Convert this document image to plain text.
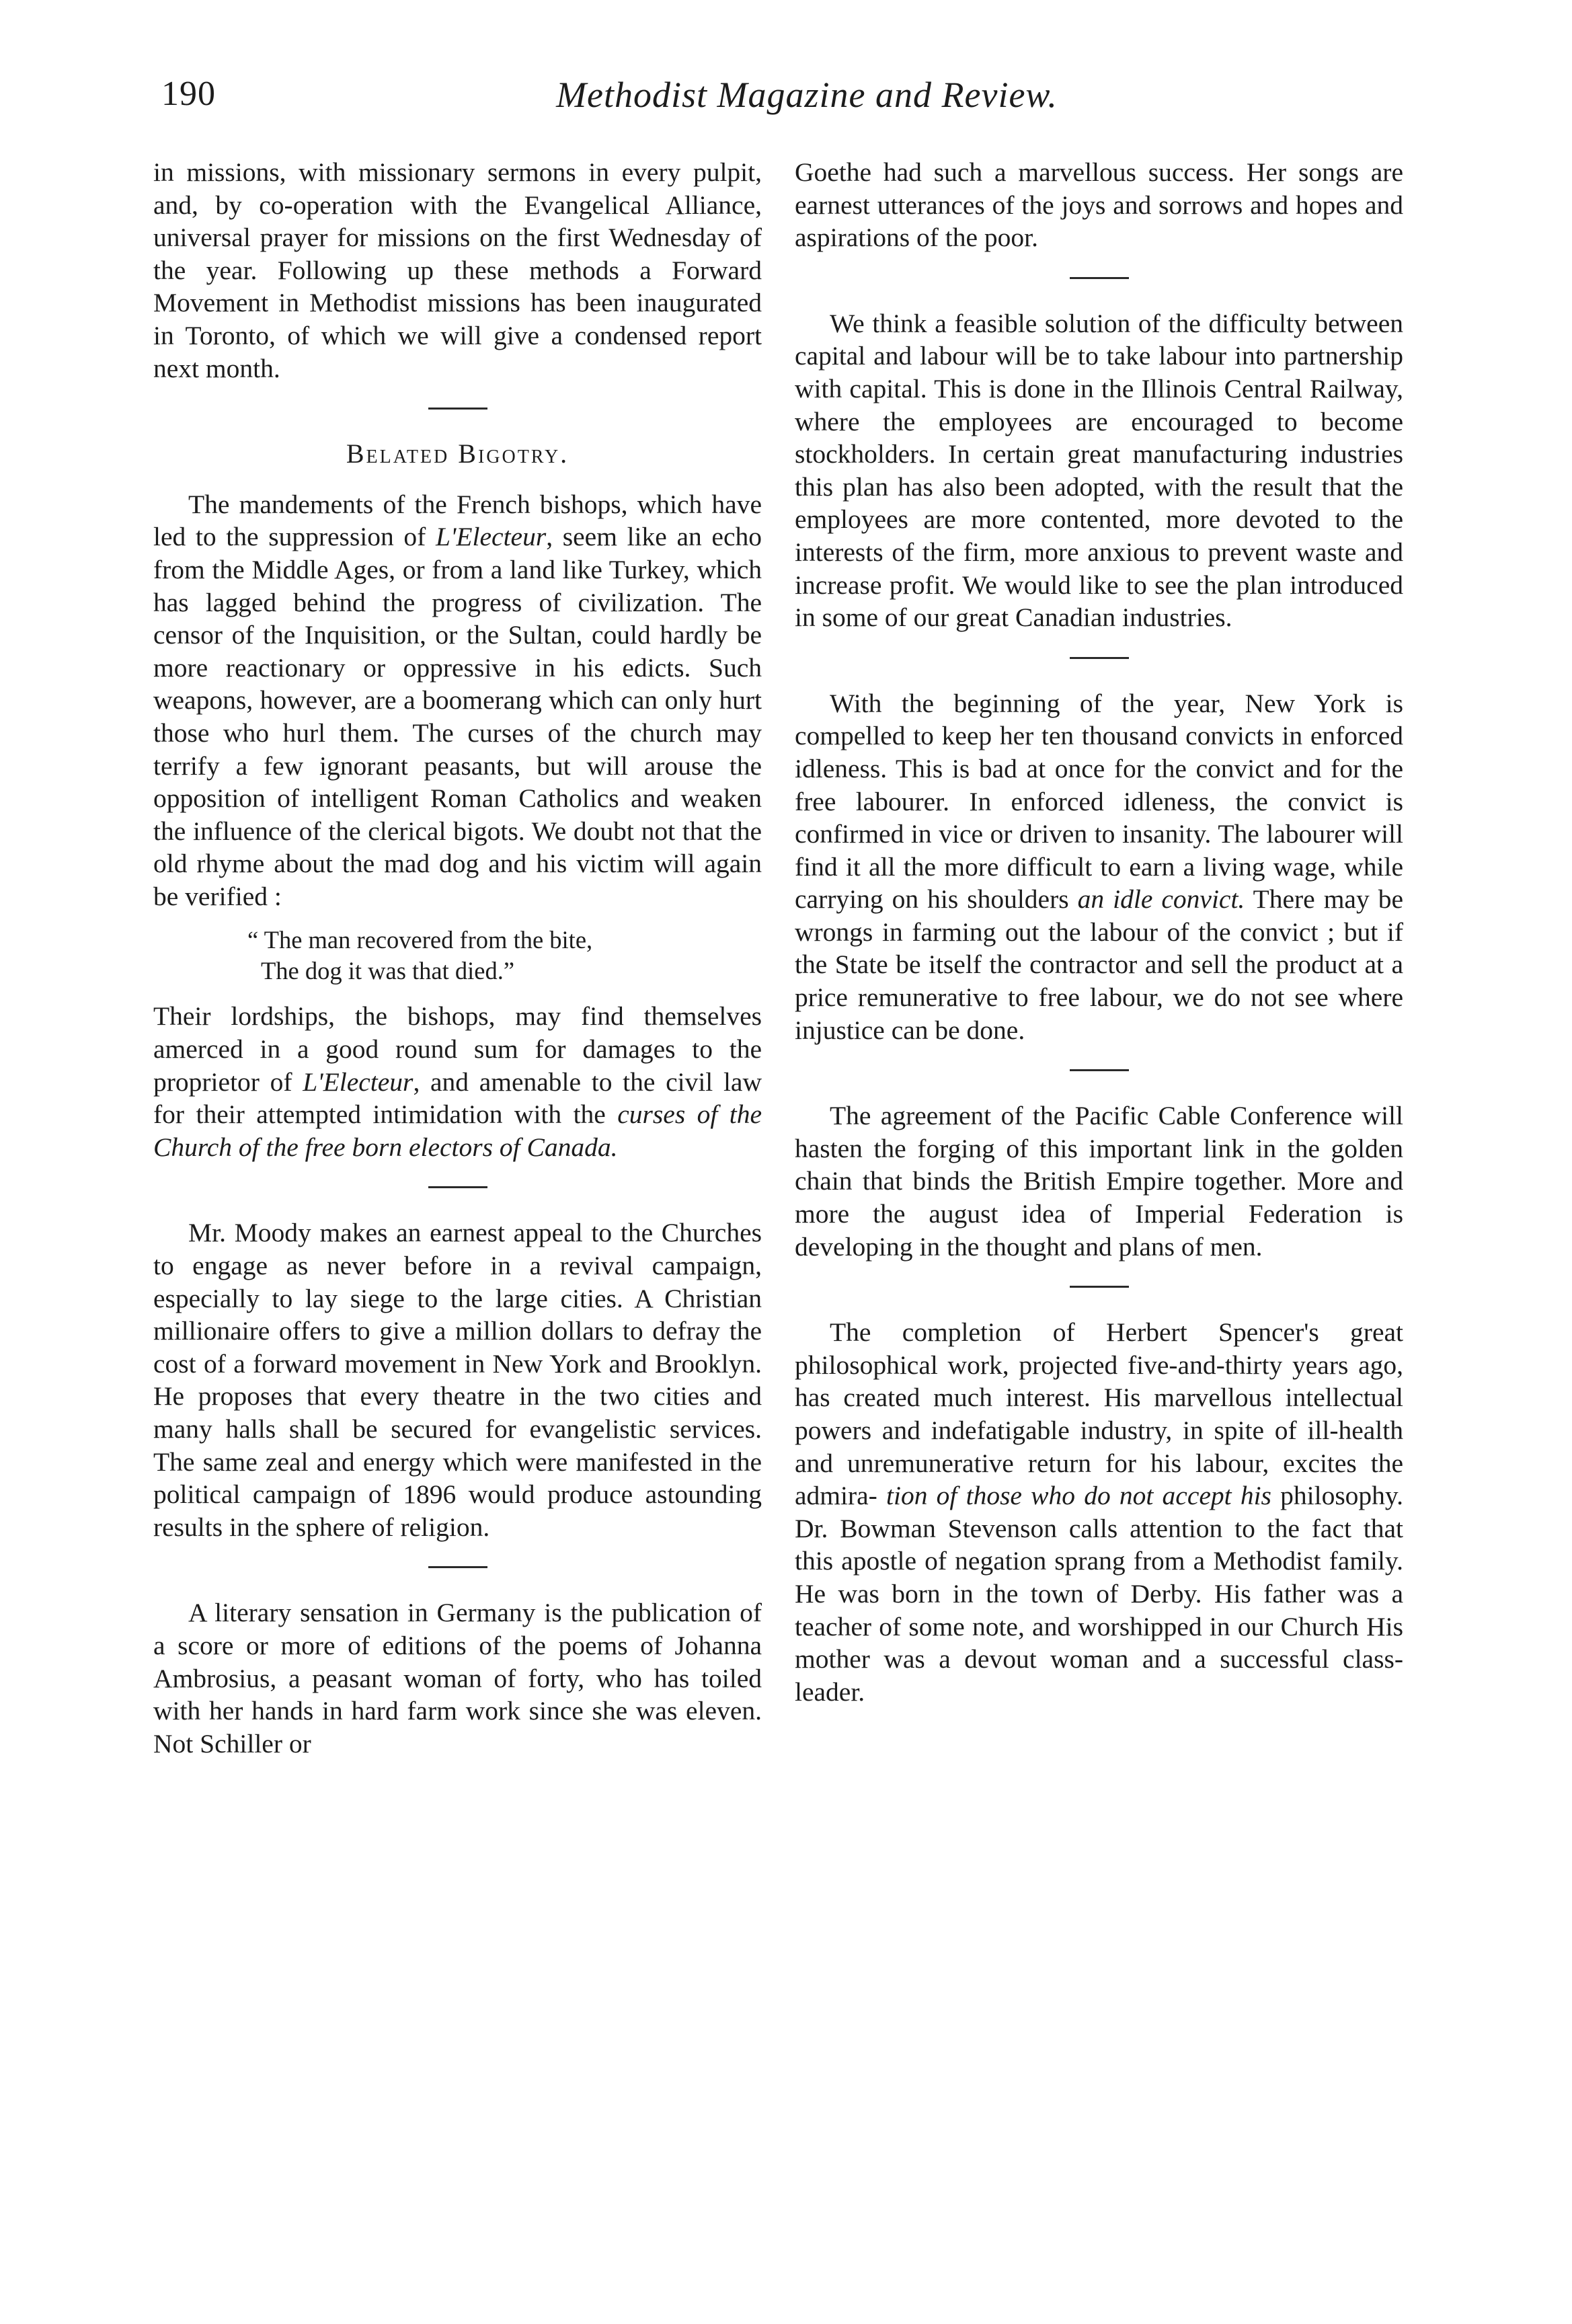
190	Methodist Magazine and Review.

in missions, with missionary sermons in every pulpit, and, by co-operation with the Evangelical Alliance, universal prayer for missions on the first Wednesday of the year. Following up these methods a Forward Movement in Methodist missions has been inaugurated in Toronto, of which we will give a condensed report next month.

Belated Bigotry.

The mandements of the French bishops, which have led to the suppression of L'Electeur, seem like an echo from the Middle Ages, or from a land like Turkey, which has lagged behind the progress of civilization. The censor of the Inquisition, or the Sultan, could hardly be more reactionary or oppressive in his edicts. Such weapons, however, are a boomerang which can only hurt those who hurl them. The curses of the church may terrify a few ignorant peasants, but will arouse the opposition of intelligent Roman Catholics and weaken the influence of the clerical bigots. We doubt not that the old rhyme about the mad dog and his victim will again be verified :

“ The man recovered from the bite,
The dog it was that died.”

Their lordships, the bishops, may find themselves amerced in a good round sum for damages to the proprietor of L'Electeur, and amenable to the civil law for their attempted intimidation with the curses of the Church of the free born electors of Canada.

Mr. Moody makes an earnest appeal to the Churches to engage as never before in a revival campaign, especially to lay siege to the large cities. A Christian millionaire offers to give a million dollars to defray the cost of a forward movement in New York and Brooklyn. He proposes that every theatre in the two cities and many halls shall be secured for evangelistic services. The same zeal and energy which were manifested in the political campaign of 1896 would produce astounding results in the sphere of religion.

A literary sensation in Germany is the publication of a score or more of editions of the poems of Johanna Ambrosius, a peasant woman of forty, who has toiled with her hands in hard farm work since she was eleven. Not Schiller or

Goethe had such a marvellous success. Her songs are earnest utterances of the joys and sorrows and hopes and aspirations of the poor.

We think a feasible solution of the difficulty between capital and labour will be to take labour into partnership with capital. This is done in the Illinois Central Railway, where the employees are encouraged to become stockholders. In certain great manufacturing industries this plan has also been adopted, with the result that the employees are more contented, more devoted to the interests of the firm, more anxious to prevent waste and increase profit. We would like to see the plan introduced in some of our great Canadian industries.

With the beginning of the year, New York is compelled to keep her ten thousand convicts in enforced idleness. This is bad at once for the convict and for the free labourer. In enforced idleness, the convict is confirmed in vice or driven to insanity. The labourer will find it all the more difficult to earn a living wage, while carrying on his shoulders an idle convict. There may be wrongs in farming out the labour of the convict ; but if the State be itself the contractor and sell the product at a price remunerative to free labour, we do not see where injustice can be done.

The agreement of the Pacific Cable Conference will hasten the forging of this important link in the golden chain that binds the British Empire together. More and more the august idea of Imperial Federation is developing in the thought and plans of men.

The completion of Herbert Spencer's great philosophical work, projected five-and-thirty years ago, has created much interest. His marvellous intellectual powers and indefatigable industry, in spite of ill-health and unremunerative return for his labour, excites the admira- tion of those who do not accept his philosophy. Dr. Bowman Stevenson calls attention to the fact that this apostle of negation sprang from a Methodist family. He was born in the town of Derby. His father was a teacher of some note, and worshipped in our Church His mother was a devout woman and a successful class-leader.
